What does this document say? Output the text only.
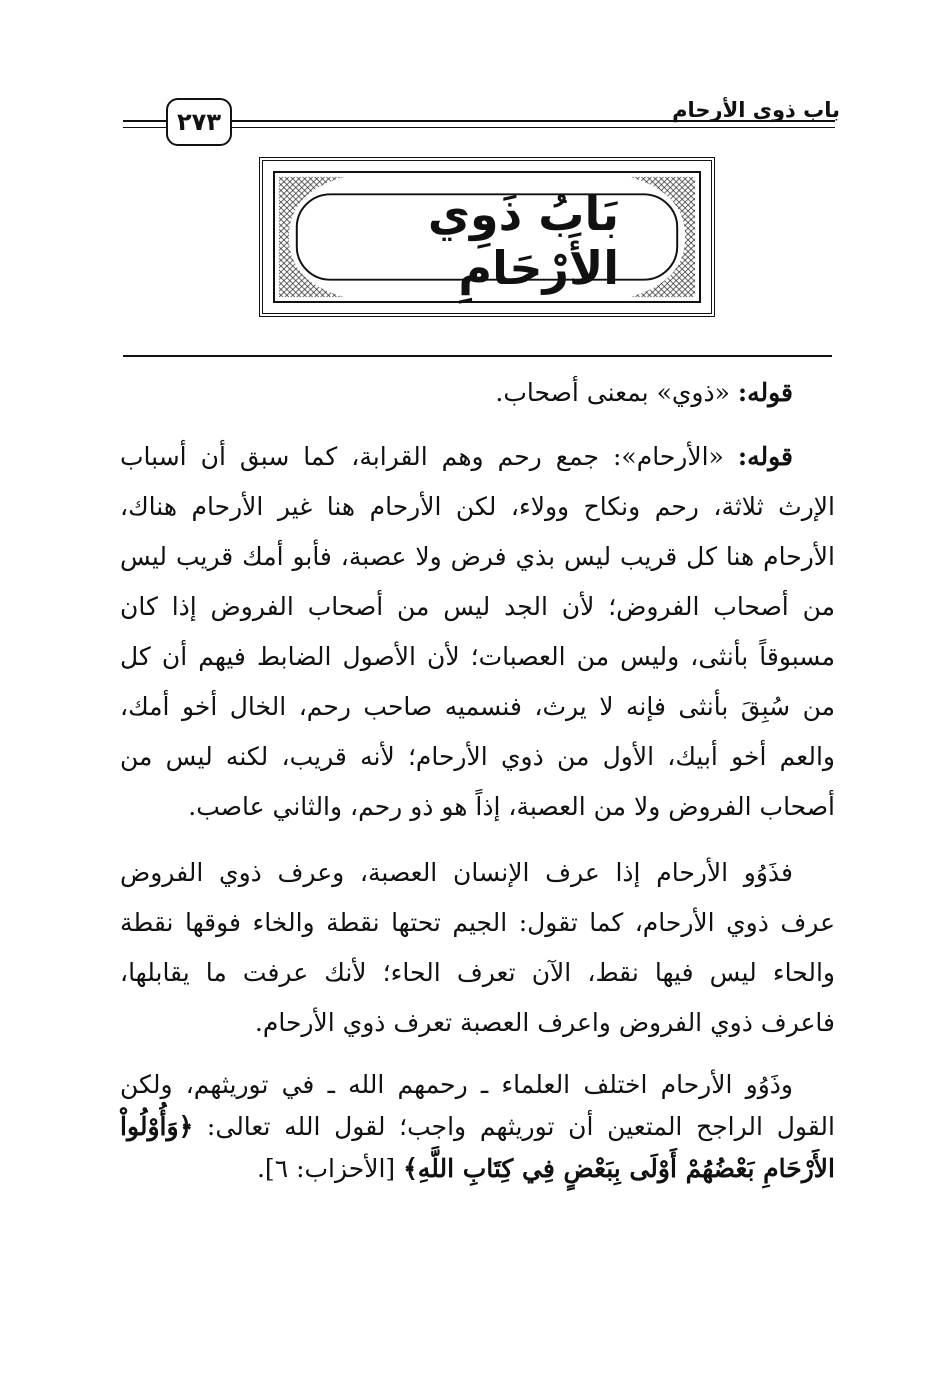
باب ذوي الأرحام
٢٧٣
بَابُ ذَوِي الأَرْحَامِ

قوله: «ذوي» بمعنى أصحاب.

قوله: «الأرحام»: جمع رحم وهم القرابة، كما سبق أن أسباب الإرث ثلاثة، رحم ونكاح وولاء، لكن الأرحام هنا غير الأرحام هناك، الأرحام هنا كل قريب ليس بذي فرض ولا عصبة، فأبو أمك قريب ليس من أصحاب الفروض؛ لأن الجد ليس من أصحاب الفروض إذا كان مسبوقاً بأنثى، وليس من العصبات؛ لأن الأصول الضابط فيهم أن كل من سُبِقَ بأنثى فإنه لا يرث، فنسميه صاحب رحم، الخال أخو أمك، والعم أخو أبيك، الأول من ذوي الأرحام؛ لأنه قريب، لكنه ليس من أصحاب الفروض ولا من العصبة، إذاً هو ذو رحم، والثاني عاصب.

فذَوُو الأرحام إذا عرف الإنسان العصبة، وعرف ذوي الفروض عرف ذوي الأرحام، كما تقول: الجيم تحتها نقطة والخاء فوقها نقطة والحاء ليس فيها نقط، الآن تعرف الحاء؛ لأنك عرفت ما يقابلها، فاعرف ذوي الفروض واعرف العصبة تعرف ذوي الأرحام.

وذَوُو الأرحام اختلف العلماء ـ رحمهم الله ـ في توريثهم، ولكن القول الراجح المتعين أن توريثهم واجب؛ لقول الله تعالى: ﴿وَأُوْلُواْ الأَرْحَامِ بَعْضُهُمْ أَوْلَى بِبَعْضٍ فِي كِتَابِ اللَّهِ﴾ [الأحزاب: ٦].
